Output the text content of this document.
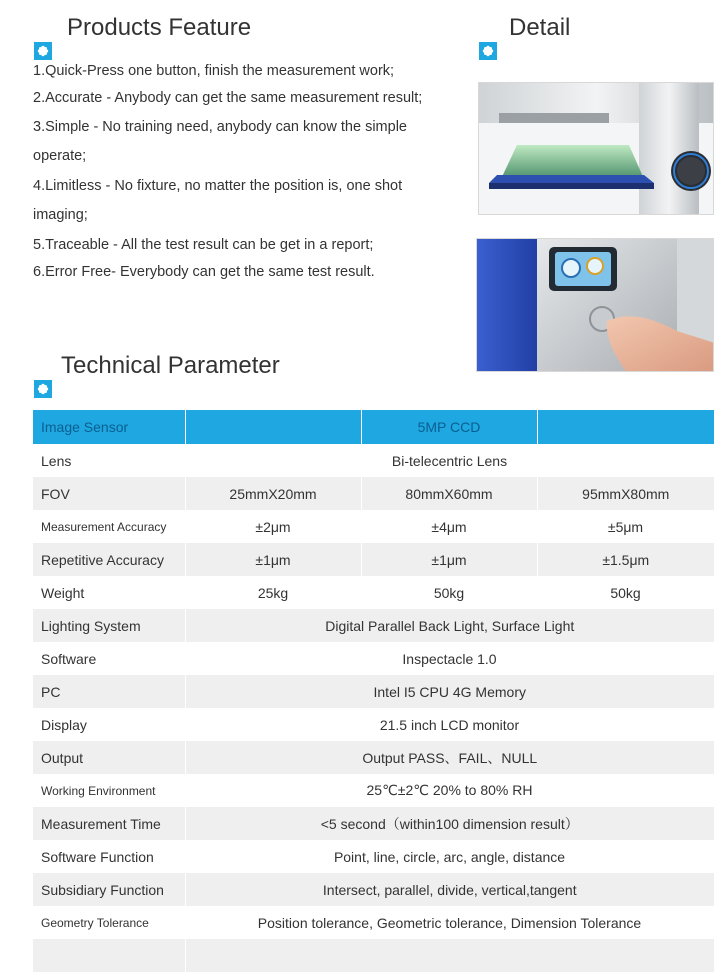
Products Feature

1.Quick-Press one button, finish the measurement work;

2.Accurate - Anybody can get the same measurement result;

3.Simple - No training need, anybody can know the simple operate;

4.Limitless - No fixture, no matter the position is, one shot imaging;

5.Traceable - All the test result can be get in a report;

6.Error Free- Everybody can get the same test result.

Detail
Technical Parameter
Image Sensor		5MP CCD	
Lens	Bi-telecentric Lens		
FOV	25mmX20mm	80mmX60mm	95mmX80mm
Measurement Accuracy	±2μm	±4μm	±5μm
Repetitive Accuracy	±1μm	±1μm	±1.5μm
Weight	25kg	50kg	50kg
Lighting System	Digital Parallel Back Light, Surface Light		
Software	Inspectacle 1.0		
PC	Intel I5 CPU 4G Memory		
Display	21.5 inch LCD monitor		
Output	Output PASS、FAIL、NULL		
Working Environment	25℃±2℃ 20% to 80% RH		
Measurement Time	<5 second（within100 dimension result）		
Software Function	Point, line, circle, arc, angle, distance		
Subsidiary Function	Intersect, parallel, divide, vertical,tangent		
Geometry Tolerance	Position tolerance, Geometric tolerance, Dimension Tolerance		
